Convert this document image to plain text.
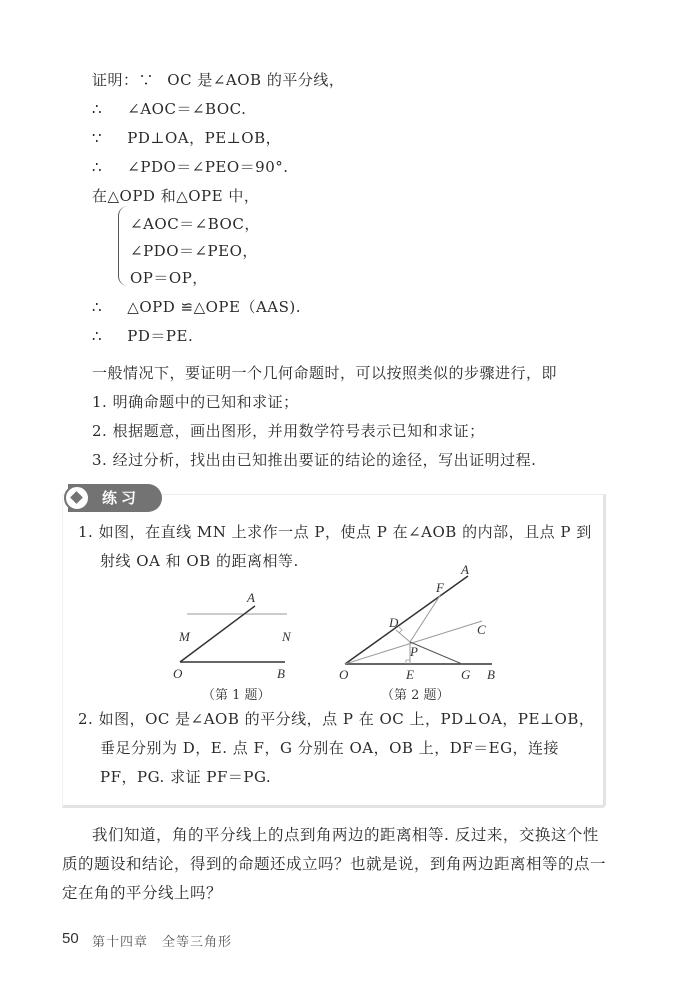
证明：∵ OC 是∠AOB 的平分线，
∴ ∠AOC＝∠BOC.
∵ PD⊥OA，PE⊥OB，
∴ ∠PDO＝∠PEO＝90°.
在△OPD 和△OPE 中，
∠AOC＝∠BOC，
∠PDO＝∠PEO，
OP＝OP，
∴ △OPD ≌△OPE（AAS).
∴ PD＝PE.
一般情况下，要证明一个几何命题时，可以按照类似的步骤进行，即
1. 明确命题中的已知和求证；
2. 根据题意，画出图形，并用数学符号表示已知和求证；
3. 经过分析，找出由已知推出要证的结论的途径，写出证明过程.
练习
1. 如图，在直线 MN 上求作一点 P，使点 P 在∠AOB 的内部，且点 P 到
射线 OA 和 OB 的距离相等.
A
M	N
O	B
（第 1 题）
A
F
D	C
P
O	E	G B
（第 2 题）
2. 如图，OC 是∠AOB 的平分线，点 P 在 OC 上，PD⊥OA，PE⊥OB，
垂足分别为 D，E. 点 F，G 分别在 OA，OB 上，DF＝EG，连接
PF，PG. 求证 PF＝PG.
我们知道，角的平分线上的点到角两边的距离相等. 反过来，交换这个性
质的题设和结论，得到的命题还成立吗？也就是说，到角两边距离相等的点一
定在角的平分线上吗？
50 第十四章　全等三角形
